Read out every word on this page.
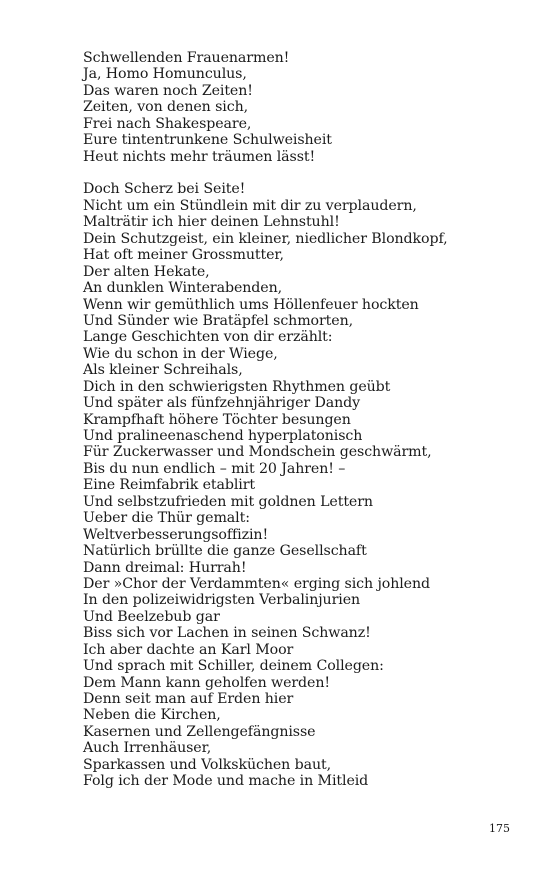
Schwellenden Frauenarmen!
Ja, Homo Homunculus,
Das waren noch Zeiten!
Zeiten, von denen sich,
Frei nach Shakespeare,
Eure tintentrunkene Schulweisheit
Heut nichts mehr träumen lässt!
Doch Scherz bei Seite!
Nicht um ein Stündlein mit dir zu verplaudern,
Malträtir ich hier deinen Lehnstuhl!
Dein Schutzgeist, ein kleiner, niedlicher Blondkopf,
Hat oft meiner Grossmutter,
Der alten Hekate,
An dunklen Winterabenden,
Wenn wir gemüthlich ums Höllenfeuer hockten
Und Sünder wie Bratäpfel schmorten,
Lange Geschichten von dir erzählt:
Wie du schon in der Wiege,
Als kleiner Schreihals,
Dich in den schwierigsten Rhythmen geübt
Und später als fünfzehnjähriger Dandy
Krampfhaft höhere Töchter besungen
Und pralineenaschend hyperplatonisch
Für Zuckerwasser und Mondschein geschwärmt,
Bis du nun endlich – mit 20 Jahren! –
Eine Reimfabrik etablirt
Und selbstzufrieden mit goldnen Lettern
Ueber die Thür gemalt:
Weltverbesserungsoffizin!
Natürlich brüllte die ganze Gesellschaft
Dann dreimal: Hurrah!
Der »Chor der Verdammten« erging sich johlend
In den polizeiwidrigsten Verbalinjurien
Und Beelzebub gar
Biss sich vor Lachen in seinen Schwanz!
Ich aber dachte an Karl Moor
Und sprach mit Schiller, deinem Collegen:
Dem Mann kann geholfen werden!
Denn seit man auf Erden hier
Neben die Kirchen,
Kasernen und Zellengefängnisse
Auch Irrenhäuser,
Sparkassen und Volksküchen baut,
Folg ich der Mode und mache in Mitleid
175
